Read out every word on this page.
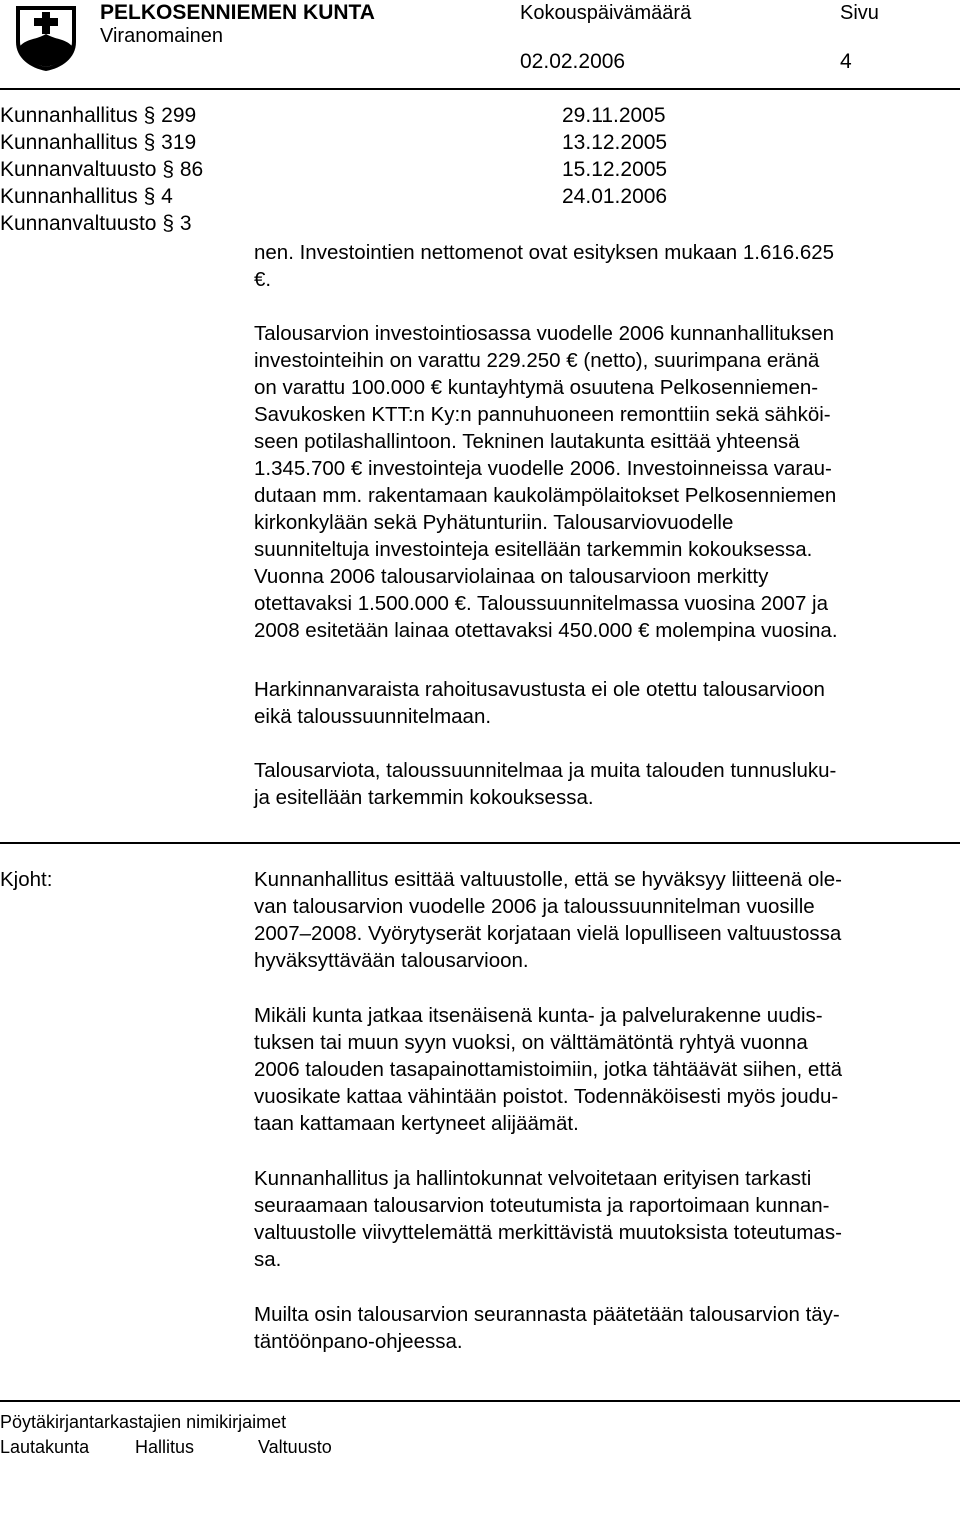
PELKOSENNIEMEN KUNTA
Viranomainen
Kokouspäivämäärä	Sivu
02.02.2006	4
Kunnanhallitus § 299	29.11.2005
Kunnanhallitus § 319	13.12.2005
Kunnanvaltuusto § 86	15.12.2005
Kunnanhallitus § 4	24.01.2006
Kunnanvaltuusto § 3
nen. Investointien nettomenot ovat esityksen mukaan 1.616.625
€.
Talousarvion investointiosassa vuodelle 2006 kunnanhallituksen
investointeihin on varattu 229.250 € (netto), suurimpana eränä
on varattu 100.000 € kuntayhtymä osuutena Pelkosenniemen-
Savukosken KTT:n Ky:n pannuhuoneen remonttiin sekä sähköi-
seen potilashallintoon. Tekninen lautakunta esittää yhteensä
1.345.700 € investointeja vuodelle 2006. Investoinneissa varau-
dutaan mm. rakentamaan kaukolämpölaitokset Pelkosenniemen
kirkonkylään sekä Pyhätunturiin. Talousarviovuodelle
suunniteltuja investointeja esitellään tarkemmin kokouksessa.
Vuonna 2006 talousarviolainaa on talousarvioon merkitty
otettavaksi 1.500.000 €. Taloussuunnitelmassa vuosina 2007 ja
2008 esitetään lainaa otettavaksi 450.000 € molempina vuosina.
Harkinnanvaraista rahoitusavustusta ei ole otettu talousarvioon
eikä taloussuunnitelmaan.
Talousarviota, taloussuunnitelmaa ja muita talouden tunnusluku-
ja esitellään tarkemmin kokouksessa.
Kjoht:	Kunnanhallitus esittää valtuustolle, että se hyväksyy liitteenä ole-
van talousarvion vuodelle 2006 ja taloussuunnitelman vuosille
2007–2008. Vyörytyserät korjataan vielä lopulliseen valtuustossa
hyväksyttävään talousarvioon.
Mikäli kunta jatkaa itsenäisenä kunta- ja palvelurakenne uudis-
tuksen tai muun syyn vuoksi, on välttämätöntä ryhtyä vuonna
2006 talouden tasapainottamistoimiin, jotka tähtäävät siihen, että
vuosikate kattaa vähintään poistot. Todennäköisesti myös joudu-
taan kattamaan kertyneet alijäämät.
Kunnanhallitus ja hallintokunnat velvoitetaan erityisen tarkasti
seuraamaan talousarvion toteutumista ja raportoimaan kunnan-
valtuustolle viivyttelemättä merkittävistä muutoksista toteutumas-
sa.
Muilta osin talousarvion seurannasta päätetään talousarvion täy-
täntöönpano-ohjeessa.
Pöytäkirjantarkastajien nimikirjaimet
Lautakunta	Hallitus	Valtuusto
